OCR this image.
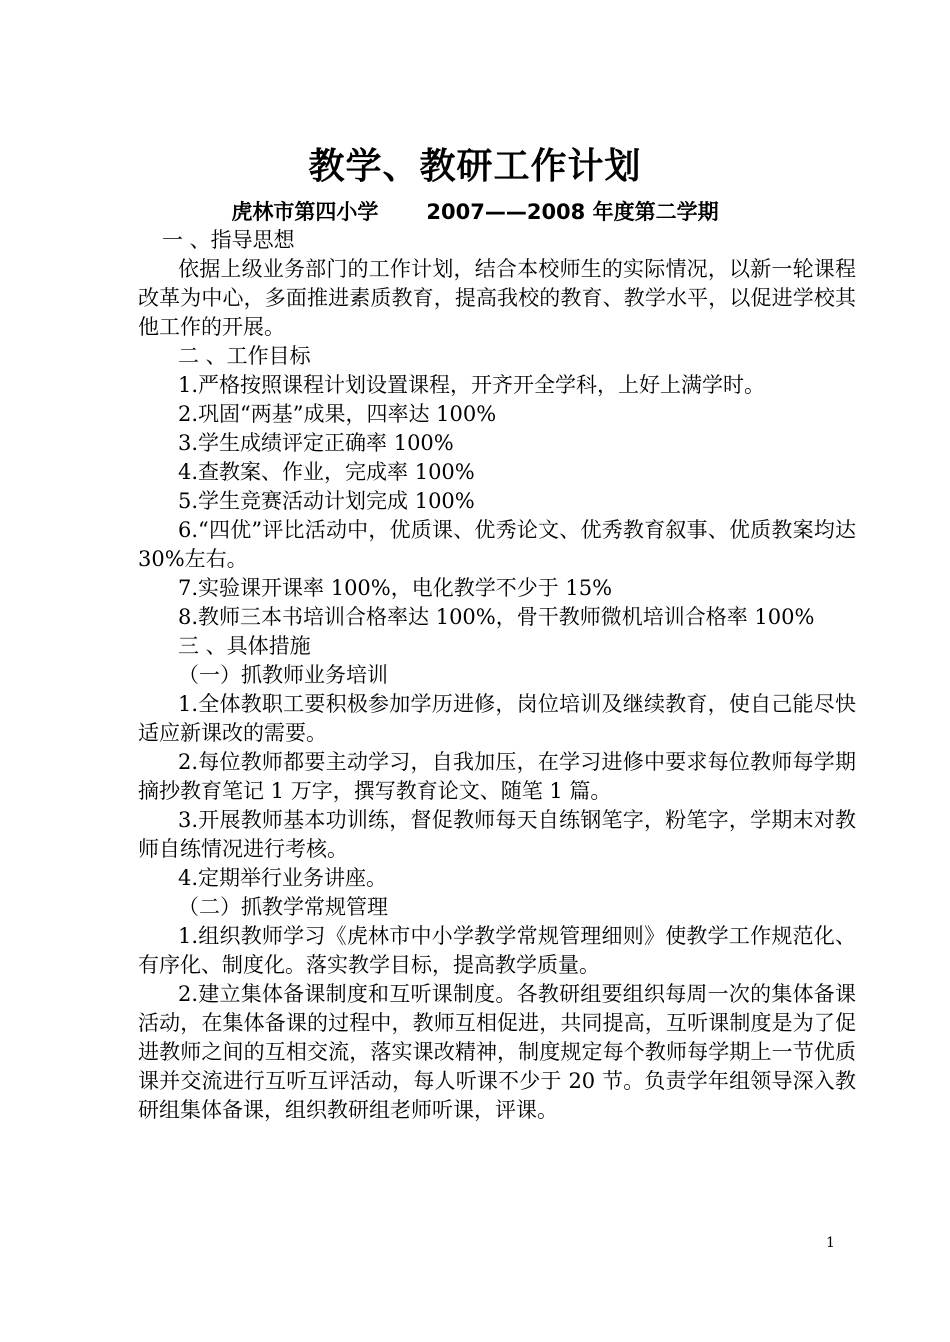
教学、教研工作计划
虎林市第四小学 2007——2008 年度第二学期

一 、指导思想

依据上级业务部门的工作计划，结合本校师生的实际情况，以新一轮课程改革为中心，多面推进素质教育，提高我校的教育、教学水平，以促进学校其他工作的开展。

二 、工作目标

1.严格按照课程计划设置课程，开齐开全学科，上好上满学时。

2.巩固“两基”成果，四率达 100%

3.学生成绩评定正确率 100%

4.查教案、作业，完成率 100%

5.学生竞赛活动计划完成 100%

6.“四优”评比活动中，优质课、优秀论文、优秀教育叙事、优质教案均达 30%左右。

7.实验课开课率 100%，电化教学不少于 15%

8.教师三本书培训合格率达 100%，骨干教师微机培训合格率 100%

三 、具体措施

（一）抓教师业务培训

1.全体教职工要积极参加学历进修，岗位培训及继续教育，使自己能尽快适应新课改的需要。

2.每位教师都要主动学习，自我加压，在学习进修中要求每位教师每学期摘抄教育笔记 1 万字，撰写教育论文、随笔 1 篇。

3.开展教师基本功训练，督促教师每天自练钢笔字，粉笔字，学期末对教师自练情况进行考核。

4.定期举行业务讲座。

（二）抓教学常规管理

1.组织教师学习《虎林市中小学教学常规管理细则》使教学工作规范化、有序化、制度化。落实教学目标，提高教学质量。

2.建立集体备课制度和互听课制度。各教研组要组织每周一次的集体备课活动，在集体备课的过程中，教师互相促进，共同提高，互听课制度是为了促进教师之间的互相交流，落实课改精神，制度规定每个教师每学期上一节优质课并交流进行互听互评活动，每人听课不少于 20 节。负责学年组领导深入教研组集体备课，组织教研组老师听课，评课。

1
